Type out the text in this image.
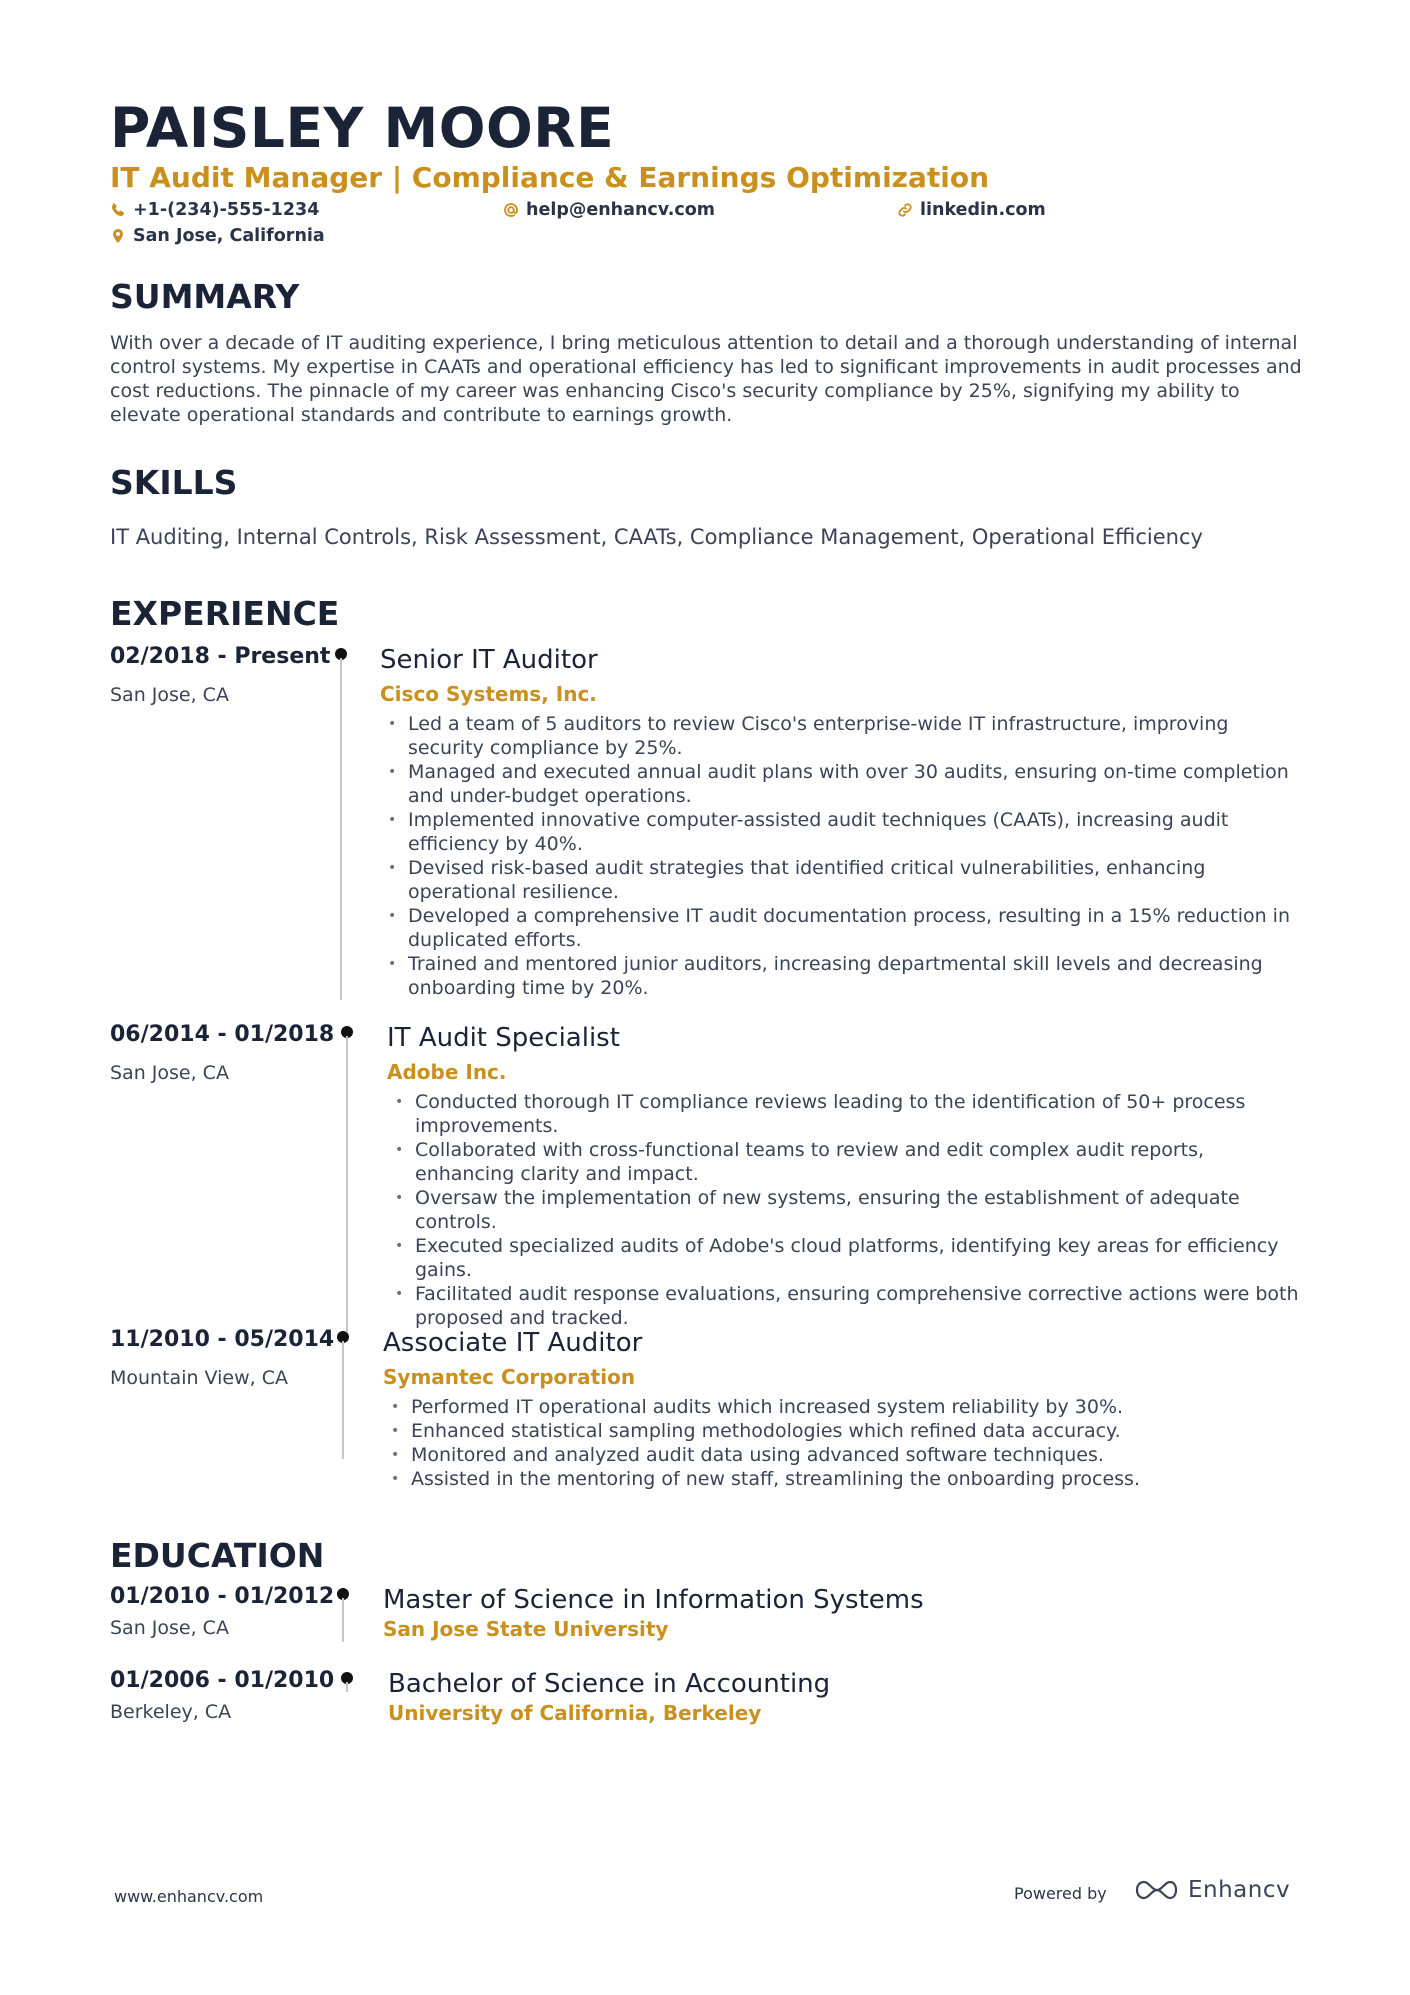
PAISLEY MOORE
IT Audit Manager | Compliance & Earnings Optimization
+1-(234)-555-1234	help@enhancv.com	linkedin.com
San Jose, California
SUMMARY
With over a decade of IT auditing experience, I bring meticulous attention to detail and a thorough understanding of internal control systems. My expertise in CAATs and operational efficiency has led to significant improvements in audit processes and cost reductions. The pinnacle of my career was enhancing Cisco's security compliance by 25%, signifying my ability to elevate operational standards and contribute to earnings growth.
SKILLS
IT Auditing, Internal Controls, Risk Assessment, CAATs, Compliance Management, Operational Efficiency
EXPERIENCE
02/2018 - Present
San Jose, CA
Senior IT Auditor
Cisco Systems, Inc.
• Led a team of 5 auditors to review Cisco's enterprise-wide IT infrastructure, improving security compliance by 25%.
• Managed and executed annual audit plans with over 30 audits, ensuring on-time completion and under-budget operations.
• Implemented innovative computer-assisted audit techniques (CAATs), increasing audit efficiency by 40%.
• Devised risk-based audit strategies that identified critical vulnerabilities, enhancing operational resilience.
• Developed a comprehensive IT audit documentation process, resulting in a 15% reduction in duplicated efforts.
• Trained and mentored junior auditors, increasing departmental skill levels and decreasing onboarding time by 20%.
06/2014 - 01/2018
San Jose, CA
IT Audit Specialist
Adobe Inc.
• Conducted thorough IT compliance reviews leading to the identification of 50+ process improvements.
• Collaborated with cross-functional teams to review and edit complex audit reports, enhancing clarity and impact.
• Oversaw the implementation of new systems, ensuring the establishment of adequate controls.
• Executed specialized audits of Adobe's cloud platforms, identifying key areas for efficiency gains.
• Facilitated audit response evaluations, ensuring comprehensive corrective actions were both proposed and tracked.
11/2010 - 05/2014
Mountain View, CA
Associate IT Auditor
Symantec Corporation
• Performed IT operational audits which increased system reliability by 30%.
• Enhanced statistical sampling methodologies which refined data accuracy.
• Monitored and analyzed audit data using advanced software techniques.
• Assisted in the mentoring of new staff, streamlining the onboarding process.
EDUCATION
01/2010 - 01/2012
San Jose, CA
Master of Science in Information Systems
San Jose State University
01/2006 - 01/2010
Berkeley, CA
Bachelor of Science in Accounting
University of California, Berkeley
www.enhancv.com	Powered by	Enhancv
